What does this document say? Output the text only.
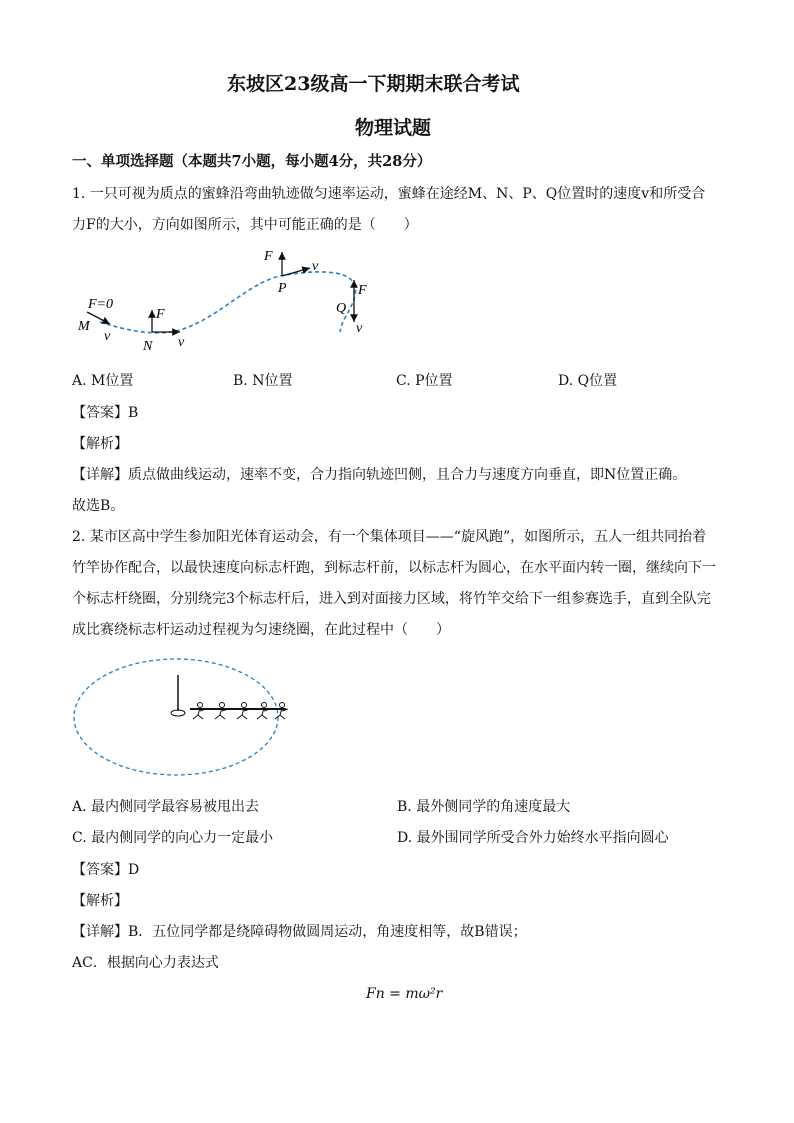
东坡区23级高一下期期末联合考试
物理试题
一、单项选择题（本题共7小题，每小题4分，共28分）
1. 一只可视为质点的蜜蜂沿弯曲轨迹做匀速率运动，蜜蜂在途经M、N、P、Q位置时的速度v和所受合
力F的大小，方向如图所示，其中可能正确的是（　　）
F=0
M
v
F
N v
F
P
v
Q
F
v
A. M位置	B. N位置	C. P位置	D. Q位置
【答案】B
【解析】
【详解】质点做曲线运动，速率不变，合力指向轨迹凹侧，且合力与速度方向垂直，即N位置正确。
故选B。
2. 某市区高中学生参加阳光体育运动会，有一个集体项目——“旋风跑”，如图所示，五人一组共同抬着
竹竿协作配合，以最快速度向标志杆跑，到标志杆前，以标志杆为圆心，在水平面内转一圈，继续向下一
个标志杆绕圈，分别绕完3个标志杆后，进入到对面接力区域，将竹竿交给下一组参赛选手，直到全队完
成比赛绕标志杆运动过程视为匀速绕圈，在此过程中（　　）
A. 最内侧同学最容易被甩出去	B. 最外侧同学的角速度最大
C. 最内侧同学的向心力一定最小	D. 最外围同学所受合外力始终水平指向圆心
【答案】D
【解析】
【详解】B．五位同学都是绕障碍物做圆周运动，角速度相等，故B错误；
AC．根据向心力表达式
Fn = mω²r
